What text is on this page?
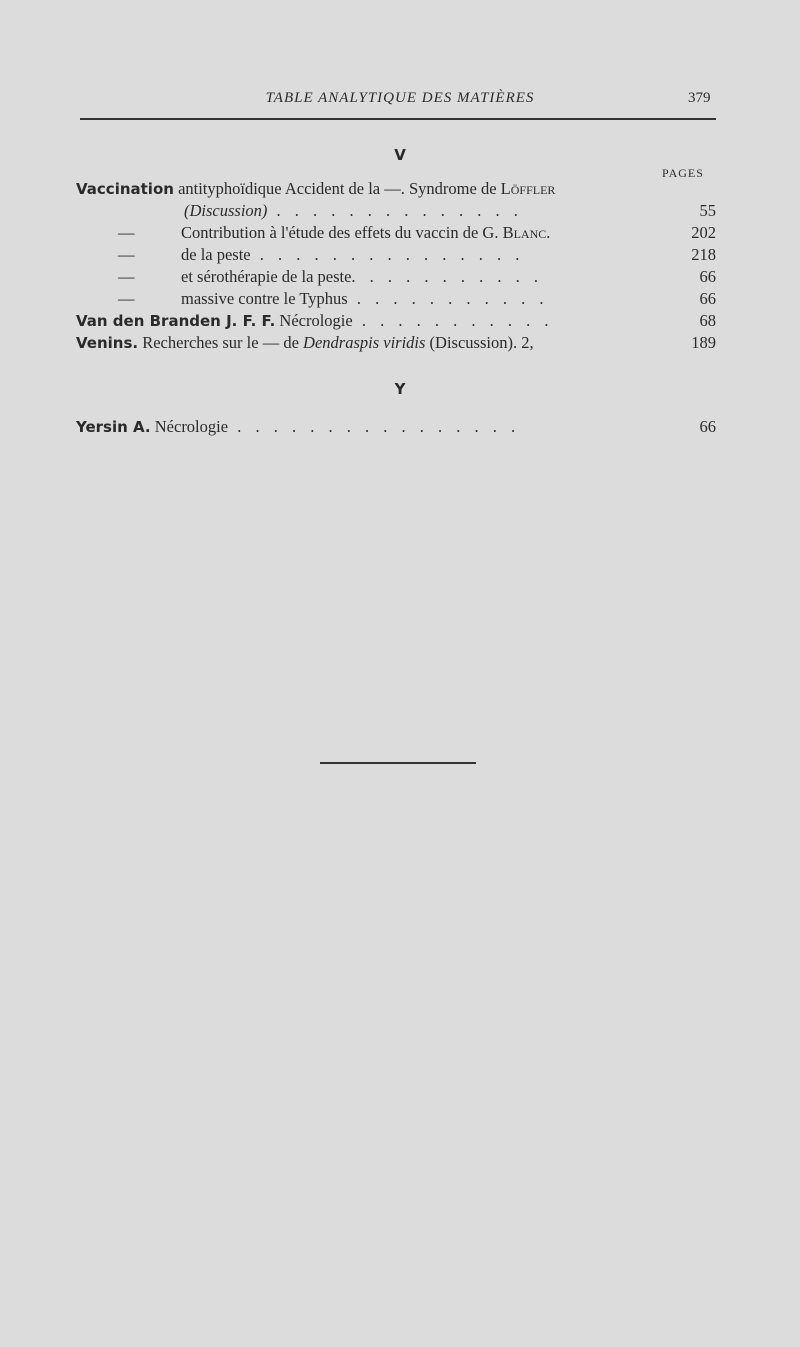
TABLE ANALYTIQUE DES MATIÈRES	379
V
PAGES
Vaccination antityphoïdique Accident de la —. Syndrome de Löffler
(Discussion) . . . . . . . . . . . . . .	55
—	Contribution à l'étude des effets du vaccin de G. Blanc.	202
—	de la peste . . . . . . . . . . . . . . .	218
—	et sérothérapie de la peste. . . . . . . . . . .	66
—	massive contre le Typhus . . . . . . . . . . .	66
Van den Branden J. F. F. Nécrologie . . . . . . . . . . .	68
Venins. Recherches sur le — de Dendraspis viridis (Discussion). 2,	189
Y
Yersin A. Nécrologie . . . . . . . . . . . . . . . .	66
